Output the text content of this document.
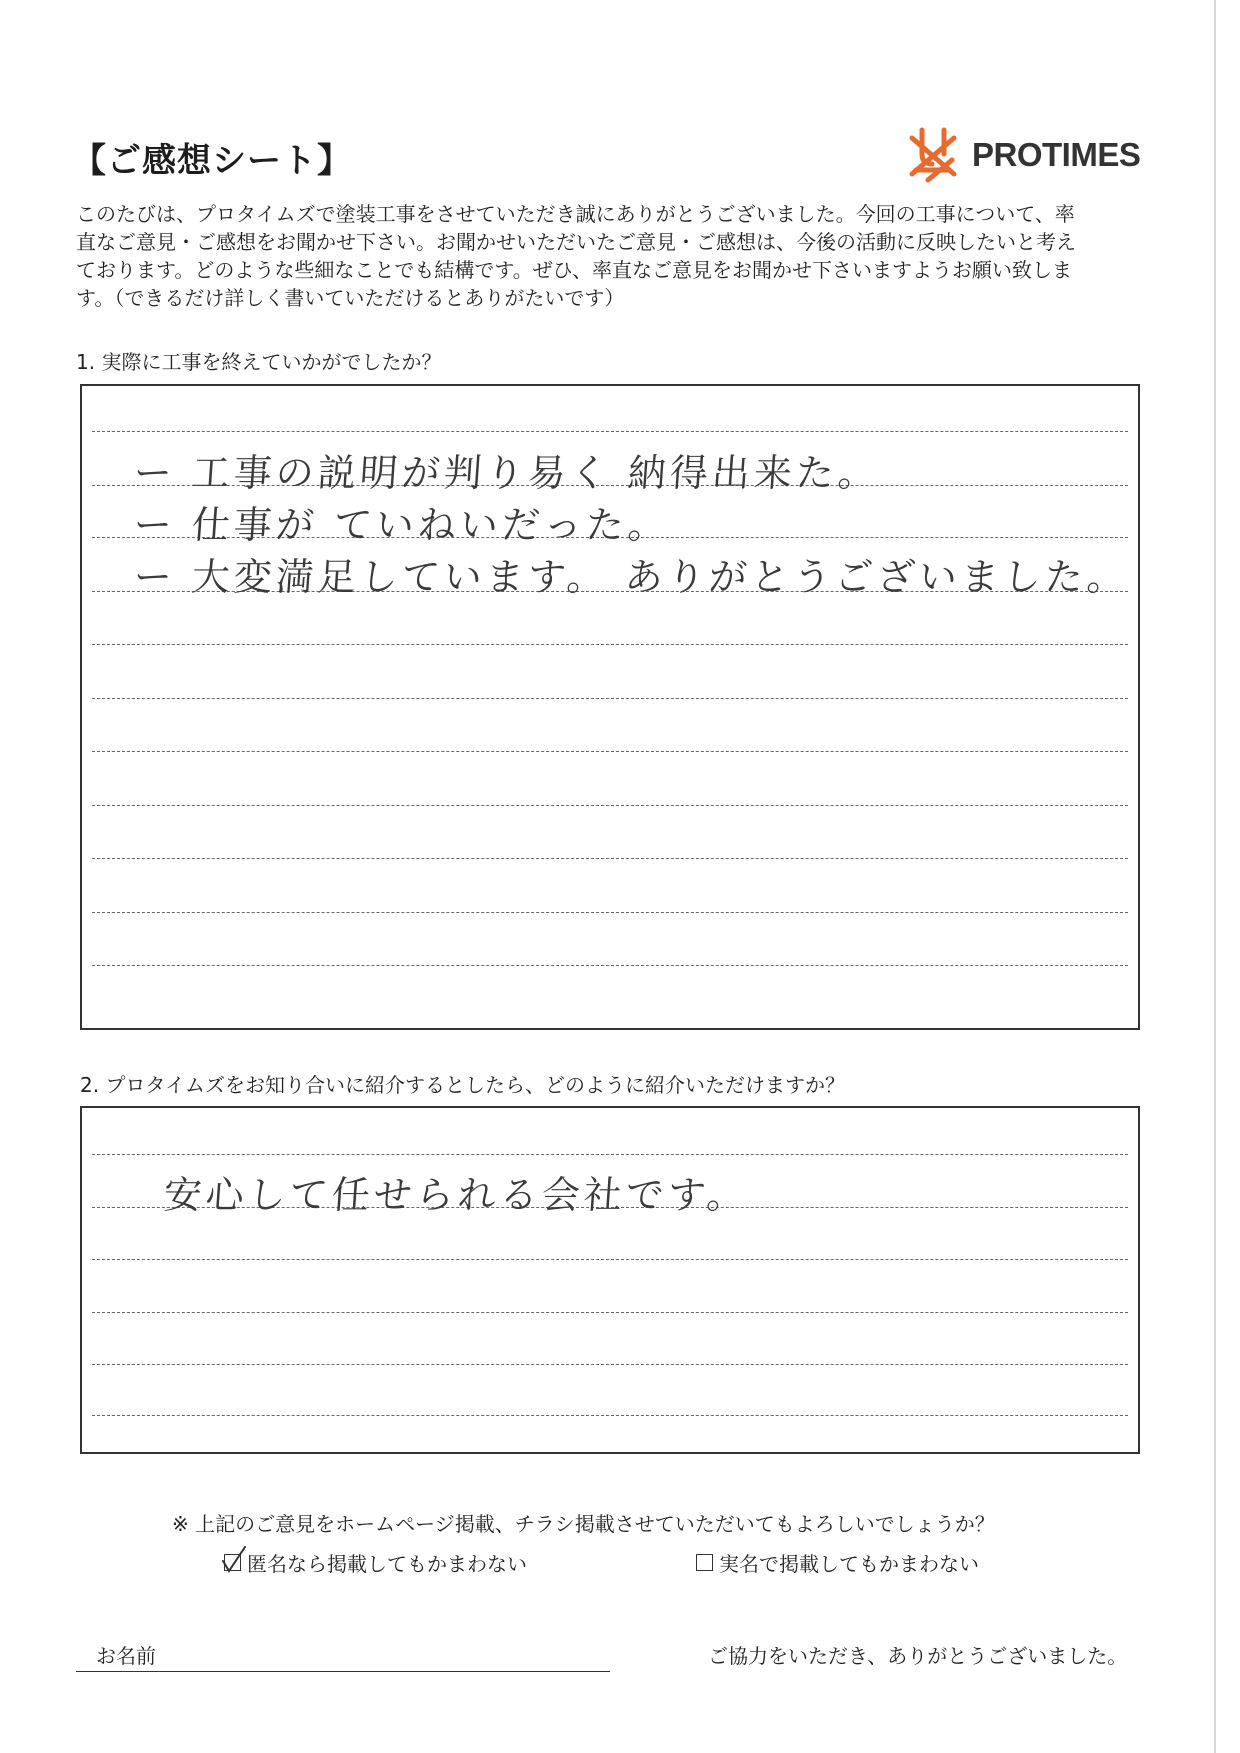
【ご感想シート】	PROTIMES
このたびは、プロタイムズで塗装工事をさせていただき誠にありがとうございました。今回の工事について、率
直なご意見・ご感想をお聞かせ下さい。お聞かせいただいたご意見・ご感想は、今後の活動に反映したいと考え
ております。どのような些細なことでも結構です。ぜひ、率直なご意見をお聞かせ下さいますようお願い致しま
す。（できるだけ詳しく書いていただけるとありがたいです）
1. 実際に工事を終えていかがでしたか？
ー 工事の説明が判り易く 納得出来た。
ー 仕事が ていねいだった。
ー 大変満足しています。 ありがとうございました。
2. プロタイムズをお知り合いに紹介するとしたら、どのように紹介いただけますか？
安心して任せられる会社です。
※ 上記のご意見をホームページ掲載、チラシ掲載させていただいてもよろしいでしょうか？
匿名なら掲載してもかまわない	実名で掲載してもかまわない
お名前	ご協力をいただき、ありがとうございました。
